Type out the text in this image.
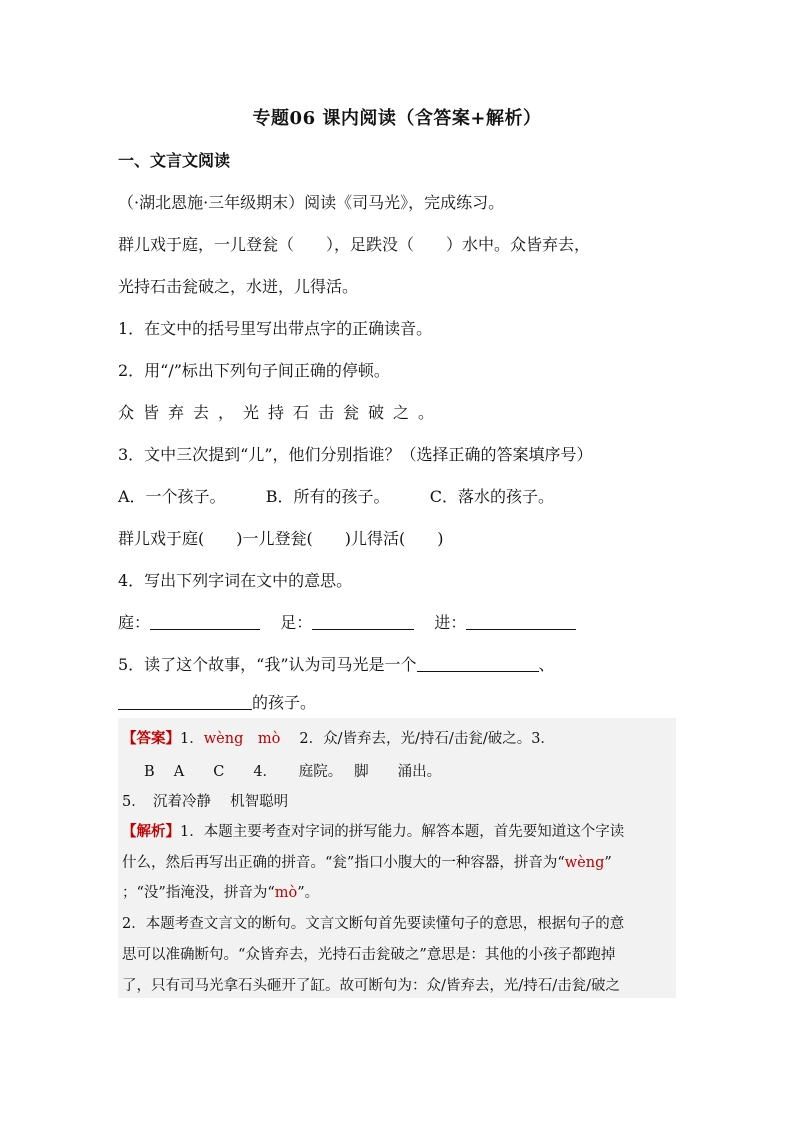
专题06 课内阅读（含答案+解析）
一、文言文阅读
（·湖北恩施·三年级期末）阅读《司马光》，完成练习。
群儿戏于庭，一儿登瓮（　　），足跌没（　　）水中。众皆弃去，
光持石击瓮破之，水迸，儿得活。
1．在文中的括号里写出带点字的正确读音。
2．用“/”标出下列句子间正确的停顿。
众皆弃去，光持石击瓮破之。
3．文中三次提到“儿”，他们分别指谁？（选择正确的答案填序号）
A．一个孩子。	B．所有的孩子。	C．落水的孩子。
群儿戏于庭(　　)一儿登瓮(　　)儿得活(　　)
4．写出下列字词在文中的意思。
庭：	足：	进：
5．读了这个故事，“我”认为司马光是一个	、
的孩子。
【答案】1．wèng　mò　 2．众/皆弃去，光/持石/击瓮/破之。3．
B　 A　　C　　4．　　庭院。　 脚　　涌出。
5．　沉着冷静　 机智聪明
【解析】1．本题主要考查对字词的拼写能力。解答本题，首先要知道这个字读
什么，然后再写出正确的拼音。“瓮”指口小腹大的一种容器，拼音为“wèng”
；“没”指淹没，拼音为“mò”。
2．本题考查文言文的断句。文言文断句首先要读懂句子的意思，根据句子的意
思可以准确断句。“众皆弃去，光持石击瓮破之”意思是：其他的小孩子都跑掉
了，只有司马光拿石头砸开了缸。故可断句为：众/皆弃去，光/持石/击瓮/破之
